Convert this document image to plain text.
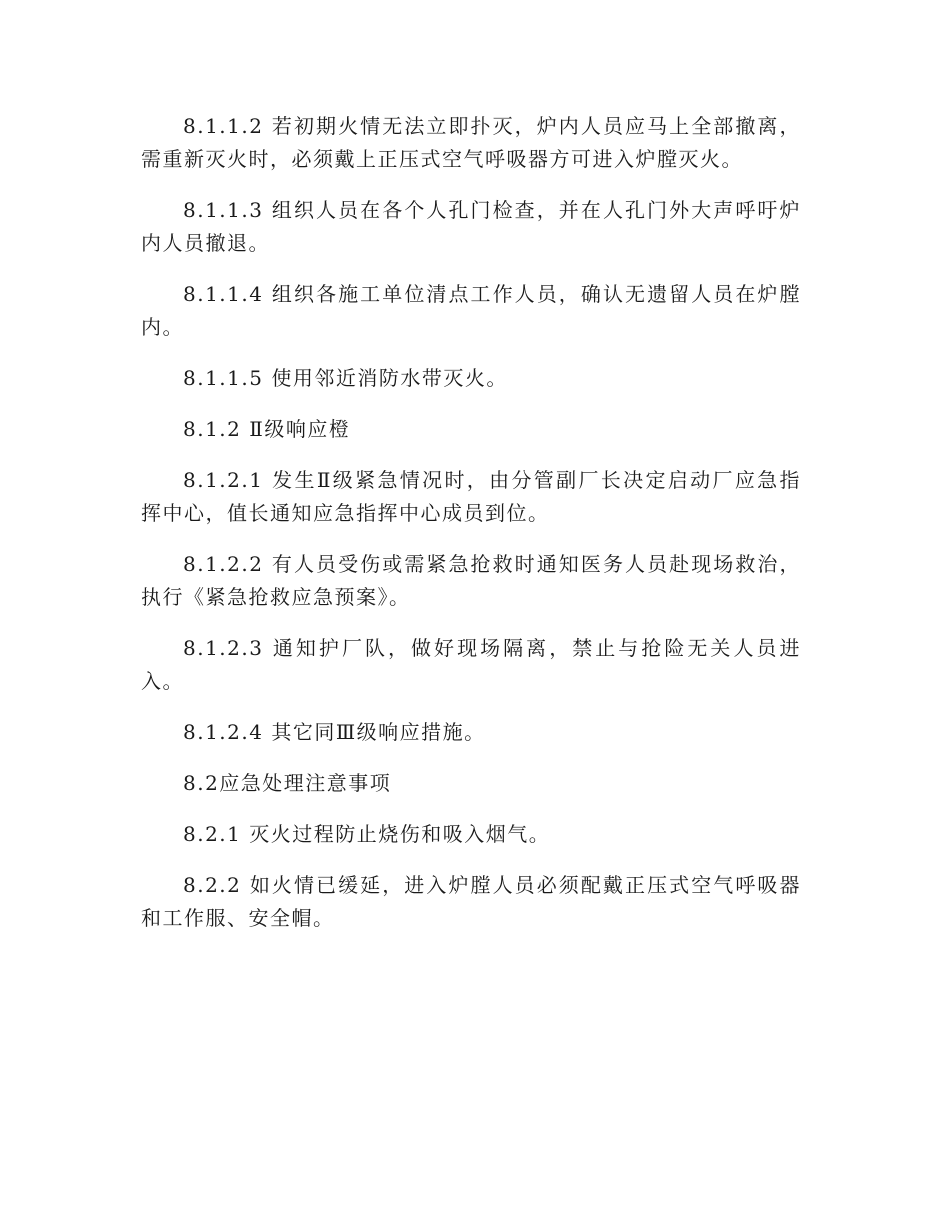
8.1.1.2 若初期火情无法立即扑灭，炉内人员应马上全部撤离，需重新灭火时，必须戴上正压式空气呼吸器方可进入炉膛灭火。

8.1.1.3 组织人员在各个人孔门检查，并在人孔门外大声呼吁炉内人员撤退。

8.1.1.4 组织各施工单位清点工作人员，确认无遗留人员在炉膛内。

8.1.1.5 使用邻近消防水带灭火。

8.1.2 Ⅱ级响应橙

8.1.2.1 发生Ⅱ级紧急情况时，由分管副厂长决定启动厂应急指挥中心，值长通知应急指挥中心成员到位。

8.1.2.2 有人员受伤或需紧急抢救时通知医务人员赴现场救治，执行《紧急抢救应急预案》。

8.1.2.3 通知护厂队，做好现场隔离，禁止与抢险无关人员进入。

8.1.2.4 其它同Ⅲ级响应措施。

8.2应急处理注意事项

8.2.1 灭火过程防止烧伤和吸入烟气。

8.2.2 如火情已缓延，进入炉膛人员必须配戴正压式空气呼吸器和工作服、安全帽。
